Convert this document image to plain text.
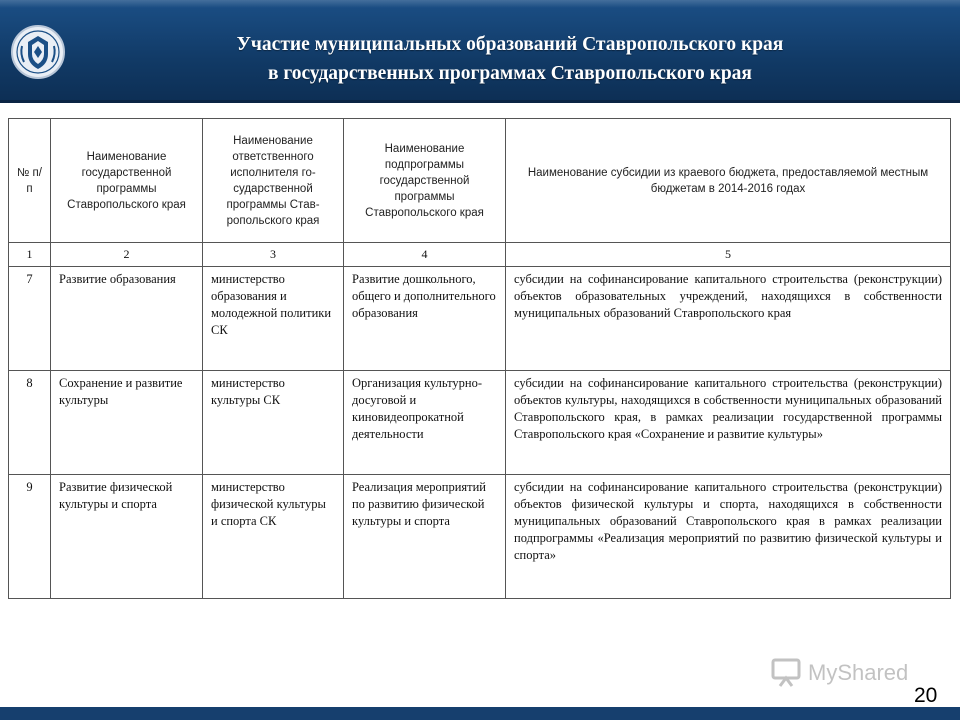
Участие муниципальных образований Ставропольского края
в государственных программах Ставропольского края
№ п/п	Наименование государственной программы Ставропольского края	Наименование ответственного исполнителя го-сударственной программы Став-ропольского края	Наименование подпрограммы государственной программы Ставропольского края	Наименование субсидии из краевого бюджета, предоставляемой местным бюджетам в 2014-2016 годах
1	2	3	4	5
7	Развитие образования	министерство образования и молодежной политики СК	Развитие дошкольного, общего и дополнительного образования	субсидии на софинансирование капитального строительства (реконструкции) объектов образовательных учреждений, находящихся в собственности муниципальных образований Ставропольского края
8	Сохранение и развитие культуры	министерство культуры СК	Организация культурно-досуговой и киновидеопрокатной деятельности	субсидии на софинансирование капитального строительства (реконструкции) объектов культуры, находящихся в собственности муниципальных образований Ставропольского края, в рамках реализации государственной программы Ставропольского края «Сохранение и развитие культуры»
9	Развитие физической культуры и спорта	министерство физической культуры и спорта СК	Реализация мероприятий по развитию физической культуры и спорта	субсидии на софинансирование капитального строительства (реконструкции) объектов физической культуры и спорта, находящихся в собственности муниципальных образований Ставропольского края в рамках реализации подпрограммы «Реализация мероприятий по развитию физической культуры и спорта»
MyShared
20
